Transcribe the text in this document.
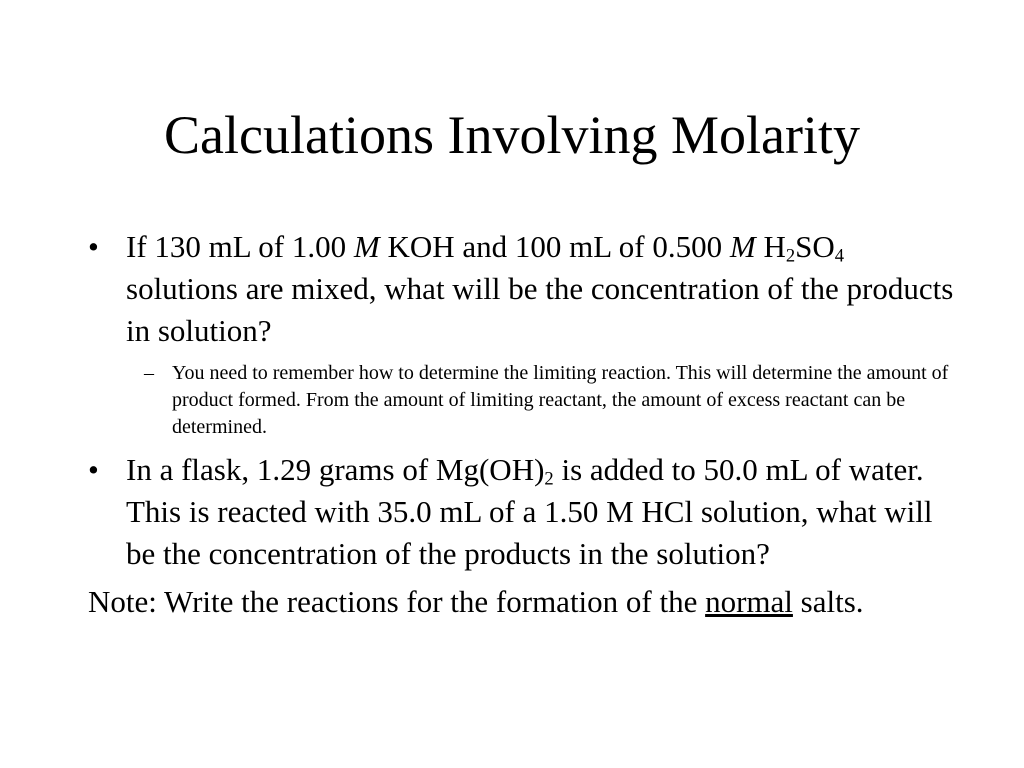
Calculations Involving Molarity

• If 130 mL of 1.00 M KOH and 100 mL of 0.500 M $H_2SO_4$ solutions are mixed, what will be the concentration of the products in solution?

– You need to remember how to determine the limiting reaction. This will determine the amount of product formed. From the amount of limiting reactant, the amount of excess reactant can be determined.

• In a flask, 1.29 grams of $Mg(OH)_2$ is added to 50.0 mL of water. This is reacted with 35.0 mL of a 1.50 M HCl solution, what will be the concentration of the products in the solution?

Note: Write the reactions for the formation of the normal salts.
